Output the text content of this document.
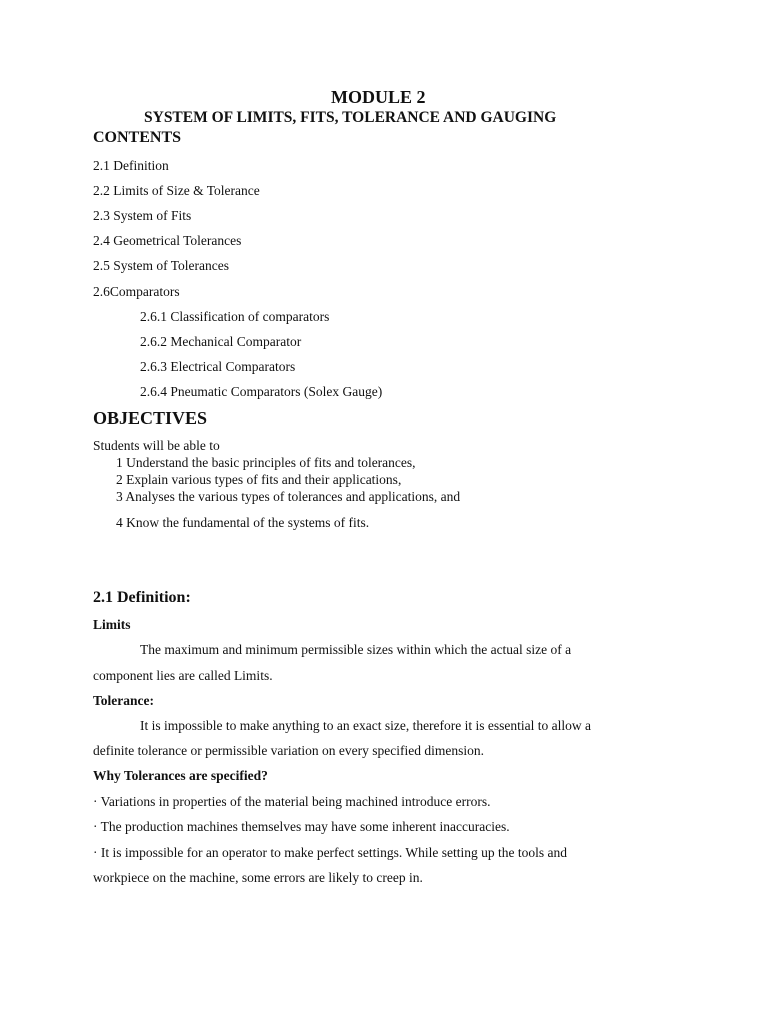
MODULE 2
SYSTEM OF LIMITS, FITS, TOLERANCE AND GAUGING
CONTENTS
2.1 Definition
2.2 Limits of Size & Tolerance
2.3 System of Fits
2.4 Geometrical Tolerances
2.5 System of Tolerances
2.6Comparators
2.6.1 Classification of comparators
2.6.2 Mechanical Comparator
2.6.3 Electrical Comparators
2.6.4 Pneumatic Comparators (Solex Gauge)
OBJECTIVES
Students will be able to
1 Understand the basic principles of fits and tolerances,
2 Explain various types of fits and their applications,
3 Analyses the various types of tolerances and applications, and
4 Know the fundamental of the systems of fits.
2.1 Definition:
Limits
The maximum and minimum permissible sizes within which the actual size of a
component lies are called Limits.
Tolerance:
It is impossible to make anything to an exact size, therefore it is essential to allow a
definite tolerance or permissible variation on every specified dimension.
Why Tolerances are specified?
· Variations in properties of the material being machined introduce errors.
· The production machines themselves may have some inherent inaccuracies.
· It is impossible for an operator to make perfect settings. While setting up the tools and
workpiece on the machine, some errors are likely to creep in.
